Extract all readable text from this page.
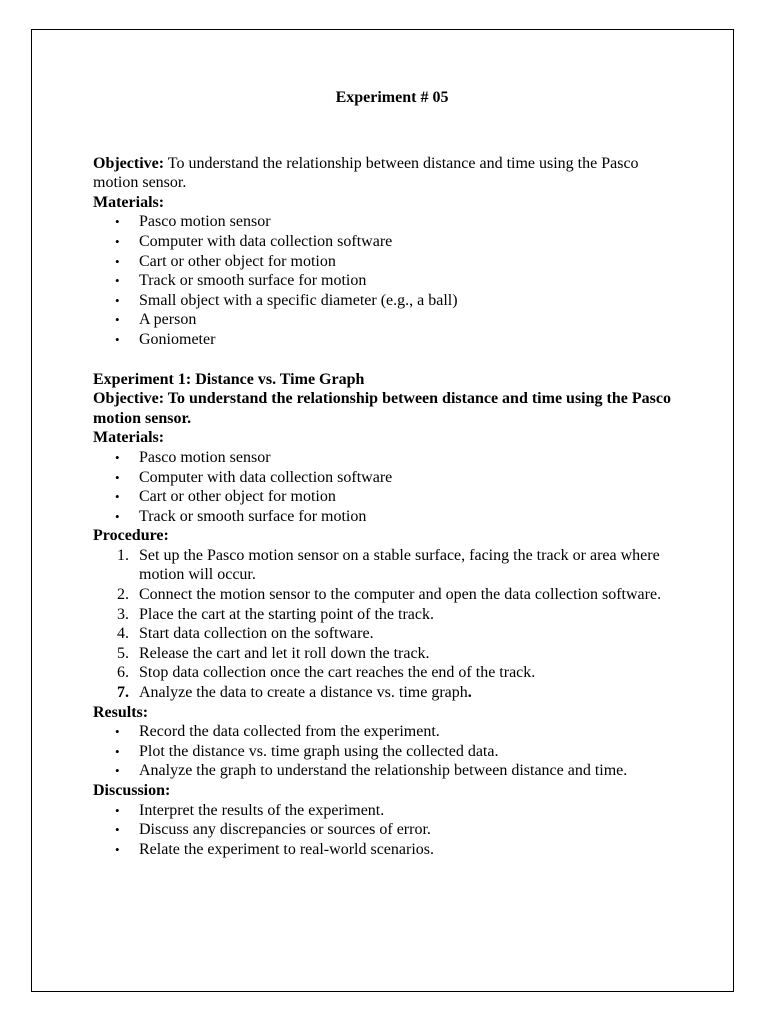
Experiment # 05

Objective: To understand the relationship between distance and time using the Pasco motion sensor.

Materials:
• Pasco motion sensor
• Computer with data collection software
• Cart or other object for motion
• Track or smooth surface for motion
• Small object with a specific diameter (e.g., a ball)
• A person
• Goniometer
Experiment 1: Distance vs. Time Graph
Objective: To understand the relationship between distance and time using the Pasco motion sensor.
Materials:
• Pasco motion sensor
• Computer with data collection software
• Cart or other object for motion
• Track or smooth surface for motion
Procedure:
1. Set up the Pasco motion sensor on a stable surface, facing the track or area where motion will occur.
2. Connect the motion sensor to the computer and open the data collection software.
3. Place the cart at the starting point of the track.
4. Start data collection on the software.
5. Release the cart and let it roll down the track.
6. Stop data collection once the cart reaches the end of the track.
7. Analyze the data to create a distance vs. time graph.
Results:
• Record the data collected from the experiment.
• Plot the distance vs. time graph using the collected data.
• Analyze the graph to understand the relationship between distance and time.
Discussion:
• Interpret the results of the experiment.
• Discuss any discrepancies or sources of error.
• Relate the experiment to real-world scenarios.
